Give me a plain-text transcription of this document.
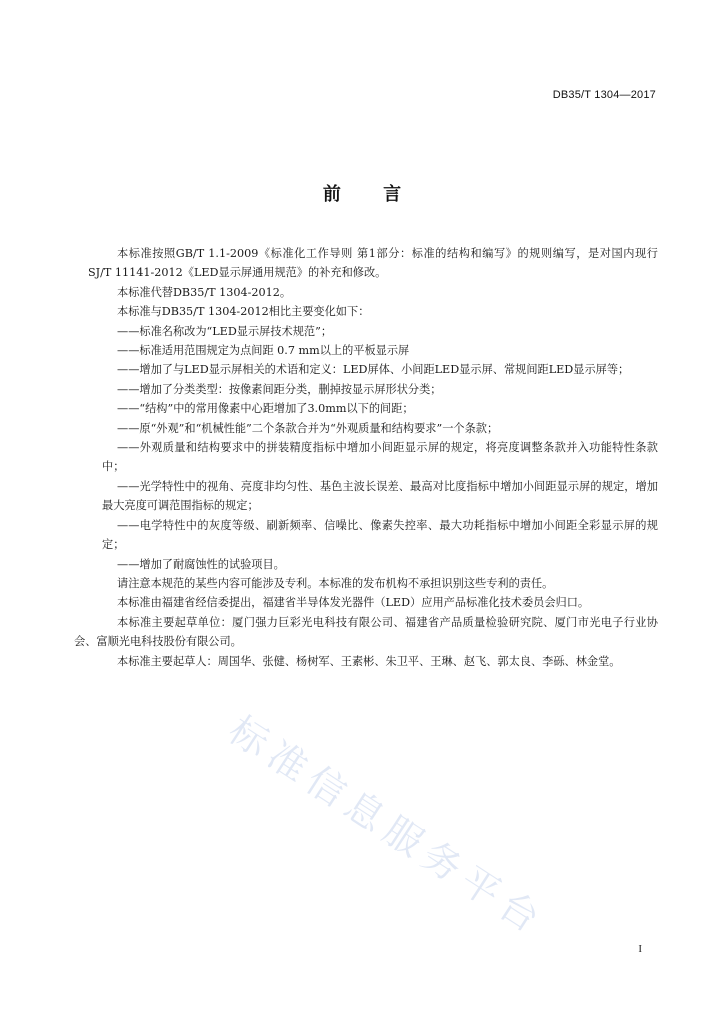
DB35/T 1304—2017
前 言

本标准按照GB/T 1.1-2009《标准化工作导则 第1部分：标准的结构和编写》的规则编写，是对国内现行SJ/T 11141-2012《LED显示屏通用规范》的补充和修改。

本标准代替DB35/T 1304-2012。

本标准与DB35/T 1304-2012相比主要变化如下：

——标准名称改为“LED显示屏技术规范”；

——标准适用范围规定为点间距 0.7 mm以上的平板显示屏

——增加了与LED显示屏相关的术语和定义：LED屏体、小间距LED显示屏、常规间距LED显示屏等；

——增加了分类类型：按像素间距分类，删掉按显示屏形状分类；

——“结构”中的常用像素中心距增加了3.0mm以下的间距；

——原“外观”和“机械性能”二个条款合并为“外观质量和结构要求”一个条款；

——外观质量和结构要求中的拼装精度指标中增加小间距显示屏的规定，将亮度调整条款并入功能特性条款中；

——光学特性中的视角、亮度非均匀性、基色主波长误差、最高对比度指标中增加小间距显示屏的规定，增加最大亮度可调范围指标的规定；

——电学特性中的灰度等级、刷新频率、信噪比、像素失控率、最大功耗指标中增加小间距全彩显示屏的规定；

——增加了耐腐蚀性的试验项目。

请注意本规范的某些内容可能涉及专利。本标准的发布机构不承担识别这些专利的责任。

本标准由福建省经信委提出，福建省半导体发光器件（LED）应用产品标准化技术委员会归口。

本标准主要起草单位：厦门强力巨彩光电科技有限公司、福建省产品质量检验研究院、厦门市光电子行业协会、富顺光电科技股份有限公司。

本标准主要起草人：周国华、张健、杨树军、王素彬、朱卫平、王琳、赵飞、郭太良、李砾、林金堂。

标准信息服务平台
I
